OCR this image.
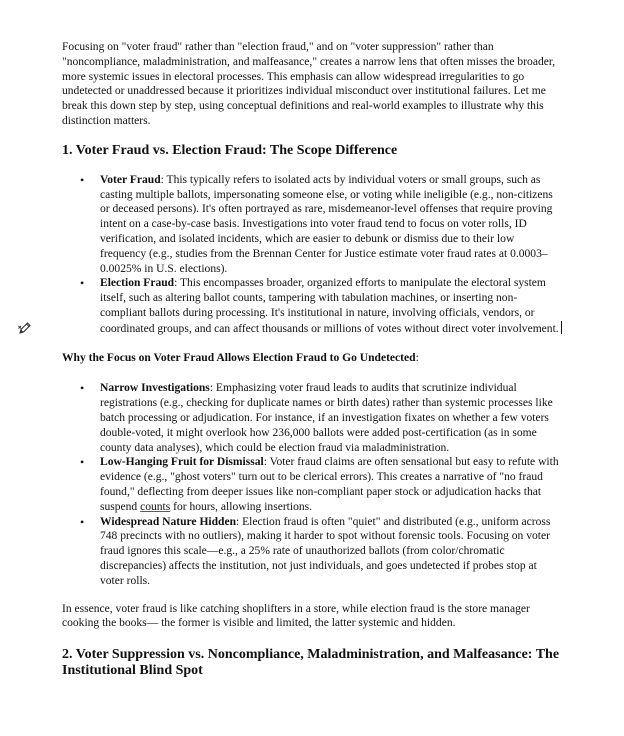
Focusing on "voter fraud" rather than "election fraud," and on "voter suppression" rather than "noncompliance, maladministration, and malfeasance," creates a narrow lens that often misses the broader, more systemic issues in electoral processes. This emphasis can allow widespread irregularities to go undetected or unaddressed because it prioritizes individual misconduct over institutional failures. Let me break this down step by step, using conceptual definitions and real-world examples to illustrate why this distinction matters.

1. Voter Fraud vs. Election Fraud: The Scope Difference
• Voter Fraud: This typically refers to isolated acts by individual voters or small groups, such as casting multiple ballots, impersonating someone else, or voting while ineligible (e.g., non-citizens or deceased persons). It's often portrayed as rare, misdemeanor-level offenses that require proving intent on a case-by-case basis. Investigations into voter fraud tend to focus on voter rolls, ID verification, and isolated incidents, which are easier to debunk or dismiss due to their low frequency (e.g., studies from the Brennan Center for Justice estimate voter fraud rates at 0.0003–0.0025% in U.S. elections).
• Election Fraud: This encompasses broader, organized efforts to manipulate the electoral system itself, such as altering ballot counts, tampering with tabulation machines, or inserting non-compliant ballots during processing. It's institutional in nature, involving officials, vendors, or coordinated groups, and can affect thousands or millions of votes without direct voter involvement.

Why the Focus on Voter Fraud Allows Election Fraud to Go Undetected:

• Narrow Investigations: Emphasizing voter fraud leads to audits that scrutinize individual registrations (e.g., checking for duplicate names or birth dates) rather than systemic processes like batch processing or adjudication. For instance, if an investigation fixates on whether a few voters double-voted, it might overlook how 236,000 ballots were added post-certification (as in some county data analyses), which could be election fraud via maladministration.
• Low-Hanging Fruit for Dismissal: Voter fraud claims are often sensational but easy to refute with evidence (e.g., "ghost voters" turn out to be clerical errors). This creates a narrative of "no fraud found," deflecting from deeper issues like non-compliant paper stock or adjudication hacks that suspend counts for hours, allowing insertions.
• Widespread Nature Hidden: Election fraud is often "quiet" and distributed (e.g., uniform across 748 precincts with no outliers), making it harder to spot without forensic tools. Focusing on voter fraud ignores this scale—e.g., a 25% rate of unauthorized ballots (from color/chromatic discrepancies) affects the institution, not just individuals, and goes undetected if probes stop at voter rolls.

In essence, voter fraud is like catching shoplifters in a store, while election fraud is the store manager cooking the books— the former is visible and limited, the latter systemic and hidden.

2. Voter Suppression vs. Noncompliance, Maladministration, and Malfeasance: The Institutional Blind Spot
